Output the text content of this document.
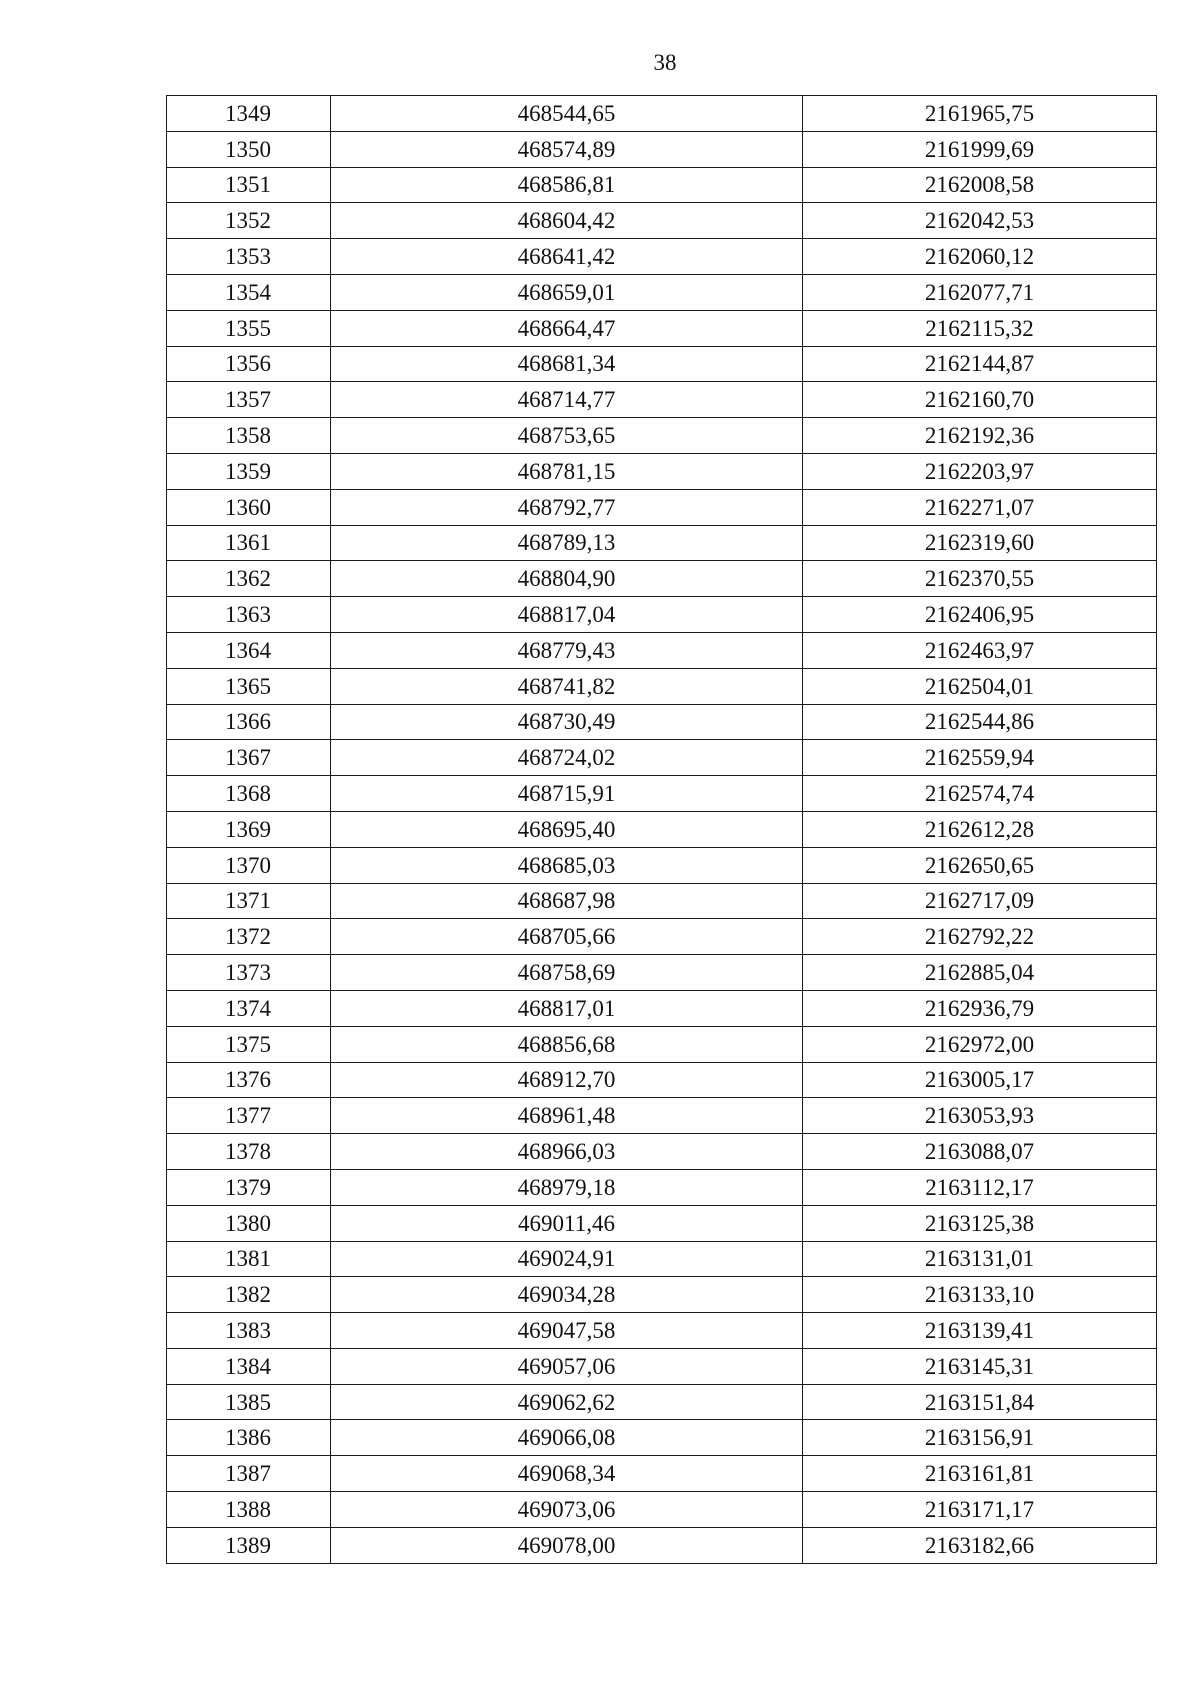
38
1349	468544,65	2161965,75
1350	468574,89	2161999,69
1351	468586,81	2162008,58
1352	468604,42	2162042,53
1353	468641,42	2162060,12
1354	468659,01	2162077,71
1355	468664,47	2162115,32
1356	468681,34	2162144,87
1357	468714,77	2162160,70
1358	468753,65	2162192,36
1359	468781,15	2162203,97
1360	468792,77	2162271,07
1361	468789,13	2162319,60
1362	468804,90	2162370,55
1363	468817,04	2162406,95
1364	468779,43	2162463,97
1365	468741,82	2162504,01
1366	468730,49	2162544,86
1367	468724,02	2162559,94
1368	468715,91	2162574,74
1369	468695,40	2162612,28
1370	468685,03	2162650,65
1371	468687,98	2162717,09
1372	468705,66	2162792,22
1373	468758,69	2162885,04
1374	468817,01	2162936,79
1375	468856,68	2162972,00
1376	468912,70	2163005,17
1377	468961,48	2163053,93
1378	468966,03	2163088,07
1379	468979,18	2163112,17
1380	469011,46	2163125,38
1381	469024,91	2163131,01
1382	469034,28	2163133,10
1383	469047,58	2163139,41
1384	469057,06	2163145,31
1385	469062,62	2163151,84
1386	469066,08	2163156,91
1387	469068,34	2163161,81
1388	469073,06	2163171,17
1389	469078,00	2163182,66
